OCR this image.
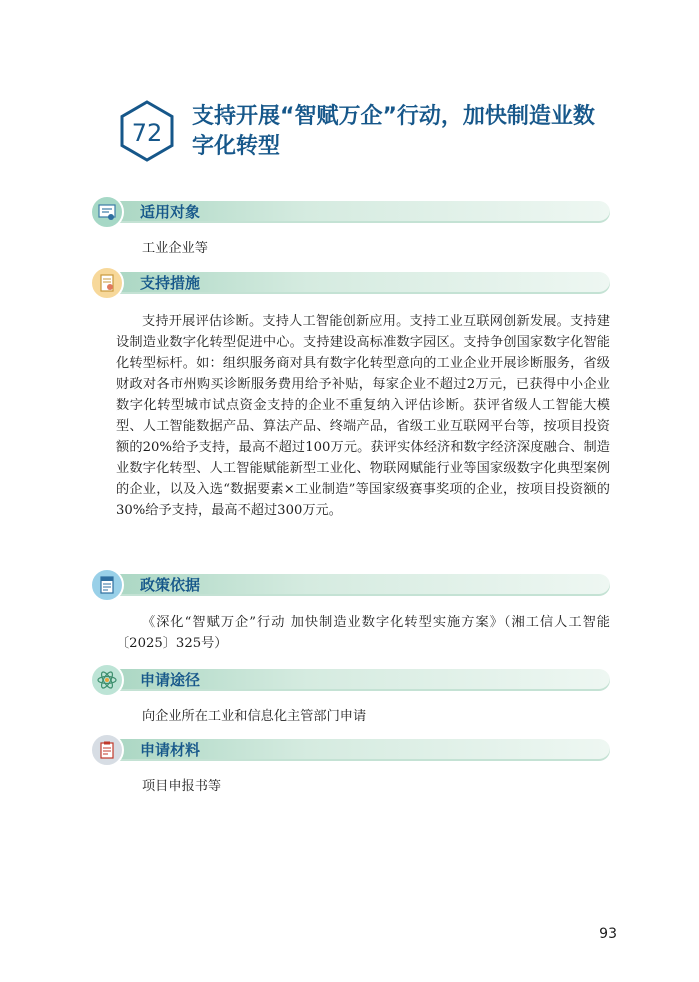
72
支持开展“智赋万企”行动，加快制造业数字化转型
适用对象
工业企业等
支持措施
支持开展评估诊断。支持人工智能创新应用。支持工业互联网创新发展。支持建设制造业数字化转型促进中心。支持建设高标准数字园区。支持争创国家数字化智能化转型标杆。如：组织服务商对具有数字化转型意向的工业企业开展诊断服务，省级财政对各市州购买诊断服务费用给予补贴，每家企业不超过2万元，已获得中小企业数字化转型城市试点资金支持的企业不重复纳入评估诊断。获评省级人工智能大模型、人工智能数据产品、算法产品、终端产品，省级工业互联网平台等，按项目投资额的20%给予支持，最高不超过100万元。获评实体经济和数字经济深度融合、制造业数字化转型、人工智能赋能新型工业化、物联网赋能行业等国家级数字化典型案例的企业，以及入选“数据要素×工业制造”等国家级赛事奖项的企业，按项目投资额的30%给予支持，最高不超过300万元。
政策依据
《深化“智赋万企”行动 加快制造业数字化转型实施方案》（湘工信人工智能〔2025〕325号）
申请途径
向企业所在工业和信息化主管部门申请
申请材料
项目申报书等
93
